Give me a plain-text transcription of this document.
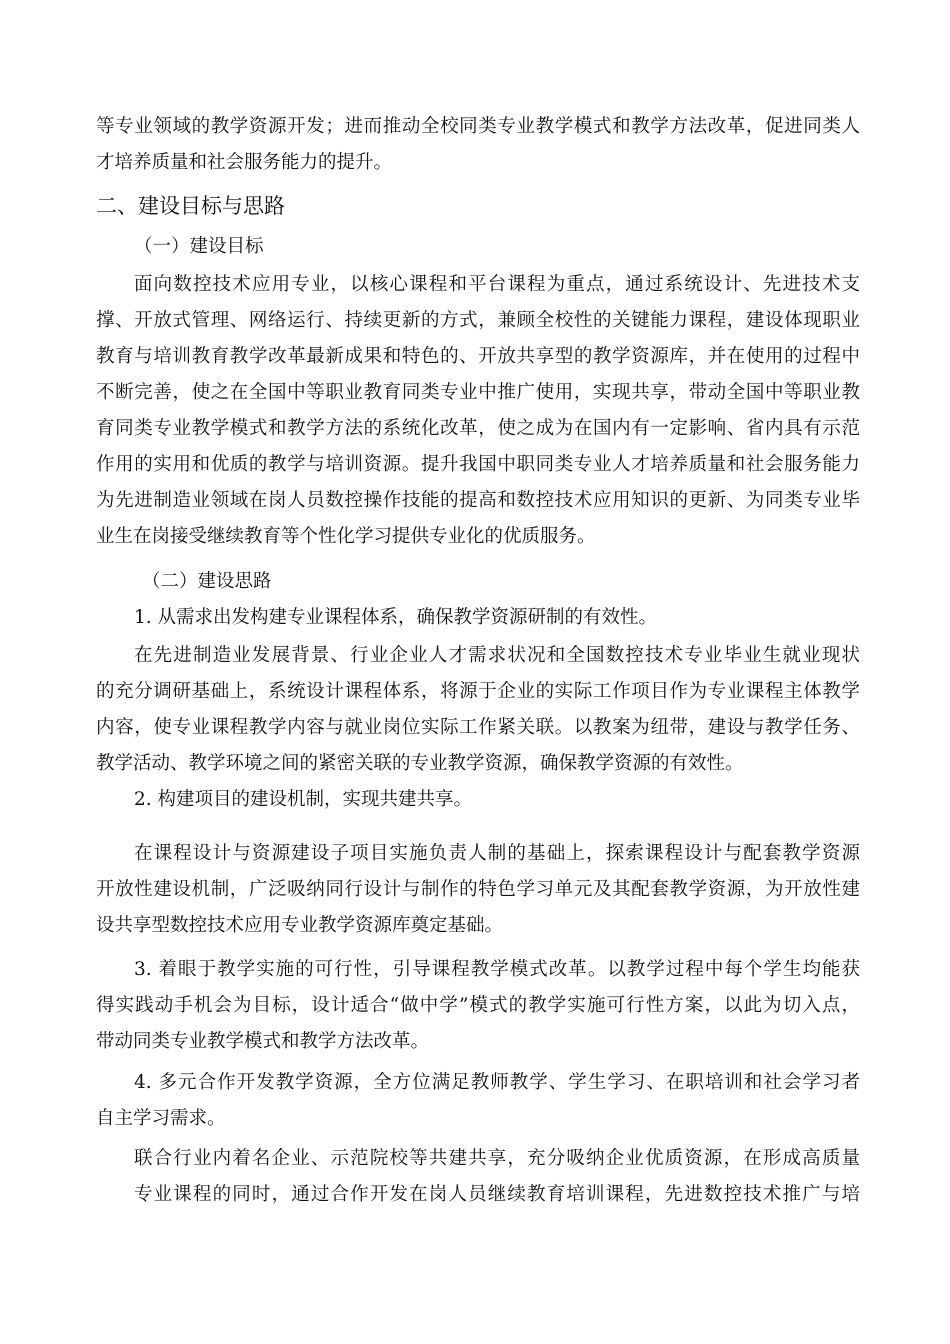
等专业领域的教学资源开发；进而推动全校同类专业教学模式和教学方法改革，促进同类人
才培养质量和社会服务能力的提升。
二、建设目标与思路
（一）建设目标
面向数控技术应用专业，以核心课程和平台课程为重点，通过系统设计、先进技术支
撑、开放式管理、网络运行、持续更新的方式，兼顾全校性的关键能力课程，建设体现职业
教育与培训教育教学改革最新成果和特色的、开放共享型的教学资源库，并在使用的过程中
不断完善，使之在全国中等职业教育同类专业中推广使用，实现共享，带动全国中等职业教
育同类专业教学模式和教学方法的系统化改革，使之成为在国内有一定影响、省内具有示范
作用的实用和优质的教学与培训资源。提升我国中职同类专业人才培养质量和社会服务能力
为先进制造业领域在岗人员数控操作技能的提高和数控技术应用知识的更新、为同类专业毕
业生在岗接受继续教育等个性化学习提供专业化的优质服务。
（二）建设思路
1. 从需求出发构建专业课程体系，确保教学资源研制的有效性。
在先进制造业发展背景、行业企业人才需求状况和全国数控技术专业毕业生就业现状
的充分调研基础上，系统设计课程体系，将源于企业的实际工作项目作为专业课程主体教学
内容，使专业课程教学内容与就业岗位实际工作紧关联。以教案为纽带，建设与教学任务、
教学活动、教学环境之间的紧密关联的专业教学资源，确保教学资源的有效性。
2. 构建项目的建设机制，实现共建共享。
在课程设计与资源建设子项目实施负责人制的基础上，探索课程设计与配套教学资源
开放性建设机制，广泛吸纳同行设计与制作的特色学习单元及其配套教学资源，为开放性建
设共享型数控技术应用专业教学资源库奠定基础。
3. 着眼于教学实施的可行性，引导课程教学模式改革。以教学过程中每个学生均能获
得实践动手机会为目标，设计适合“做中学”模式的教学实施可行性方案，以此为切入点，
带动同类专业教学模式和教学方法改革。
4. 多元合作开发教学资源，全方位满足教师教学、学生学习、在职培训和社会学习者
自主学习需求。
联合行业内着名企业、示范院校等共建共享，充分吸纳企业优质资源，在形成高质量
专业课程的同时，通过合作开发在岗人员继续教育培训课程，先进数控技术推广与培
